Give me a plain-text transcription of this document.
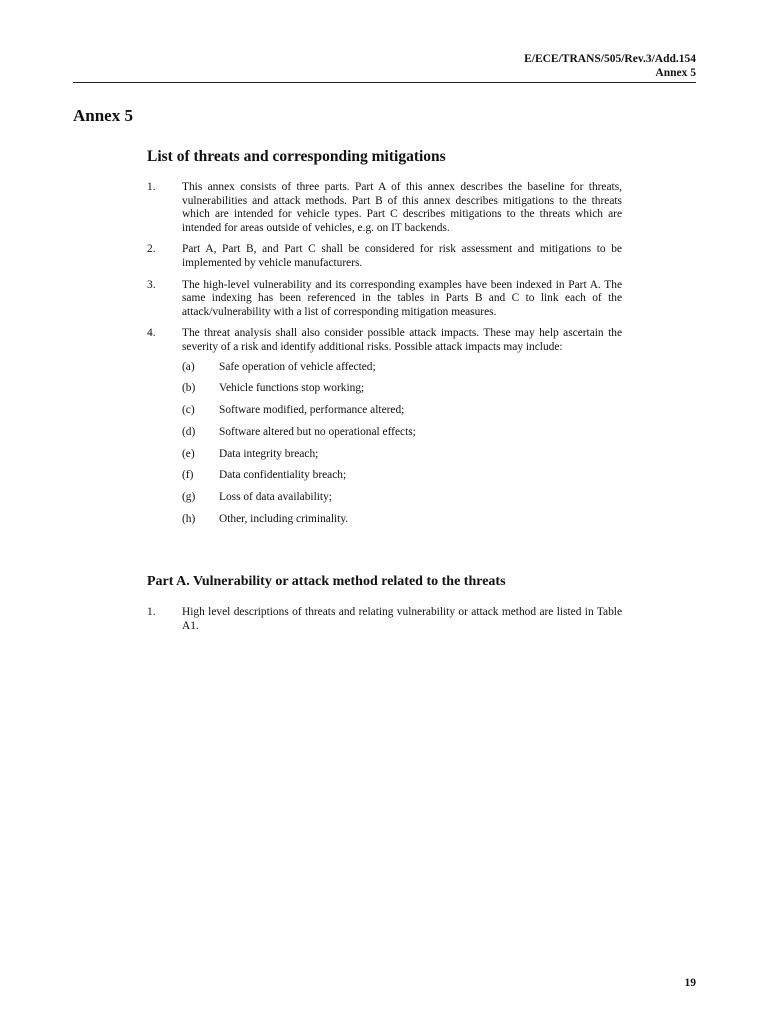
E/ECE/TRANS/505/Rev.3/Add.154
Annex 5
Annex 5
List of threats and corresponding mitigations
1.	This annex consists of three parts. Part A of this annex describes the baseline for threats, vulnerabilities and attack methods. Part B of this annex describes mitigations to the threats which are intended for vehicle types. Part C describes mitigations to the threats which are intended for areas outside of vehicles, e.g. on IT backends.
2.	Part A, Part B, and Part C shall be considered for risk assessment and mitigations to be implemented by vehicle manufacturers.
3.	The high-level vulnerability and its corresponding examples have been indexed in Part A. The same indexing has been referenced in the tables in Parts B and C to link each of the attack/vulnerability with a list of corresponding mitigation measures.
4.	The threat analysis shall also consider possible attack impacts. These may help ascertain the severity of a risk and identify additional risks. Possible attack impacts may include:
(a)	Safe operation of vehicle affected;
(b)	Vehicle functions stop working;
(c)	Software modified, performance altered;
(d)	Software altered but no operational effects;
(e)	Data integrity breach;
(f)	Data confidentiality breach;
(g)	Loss of data availability;
(h)	Other, including criminality.
Part A. Vulnerability or attack method related to the threats
1.	High level descriptions of threats and relating vulnerability or attack method are listed in Table A1.
19
